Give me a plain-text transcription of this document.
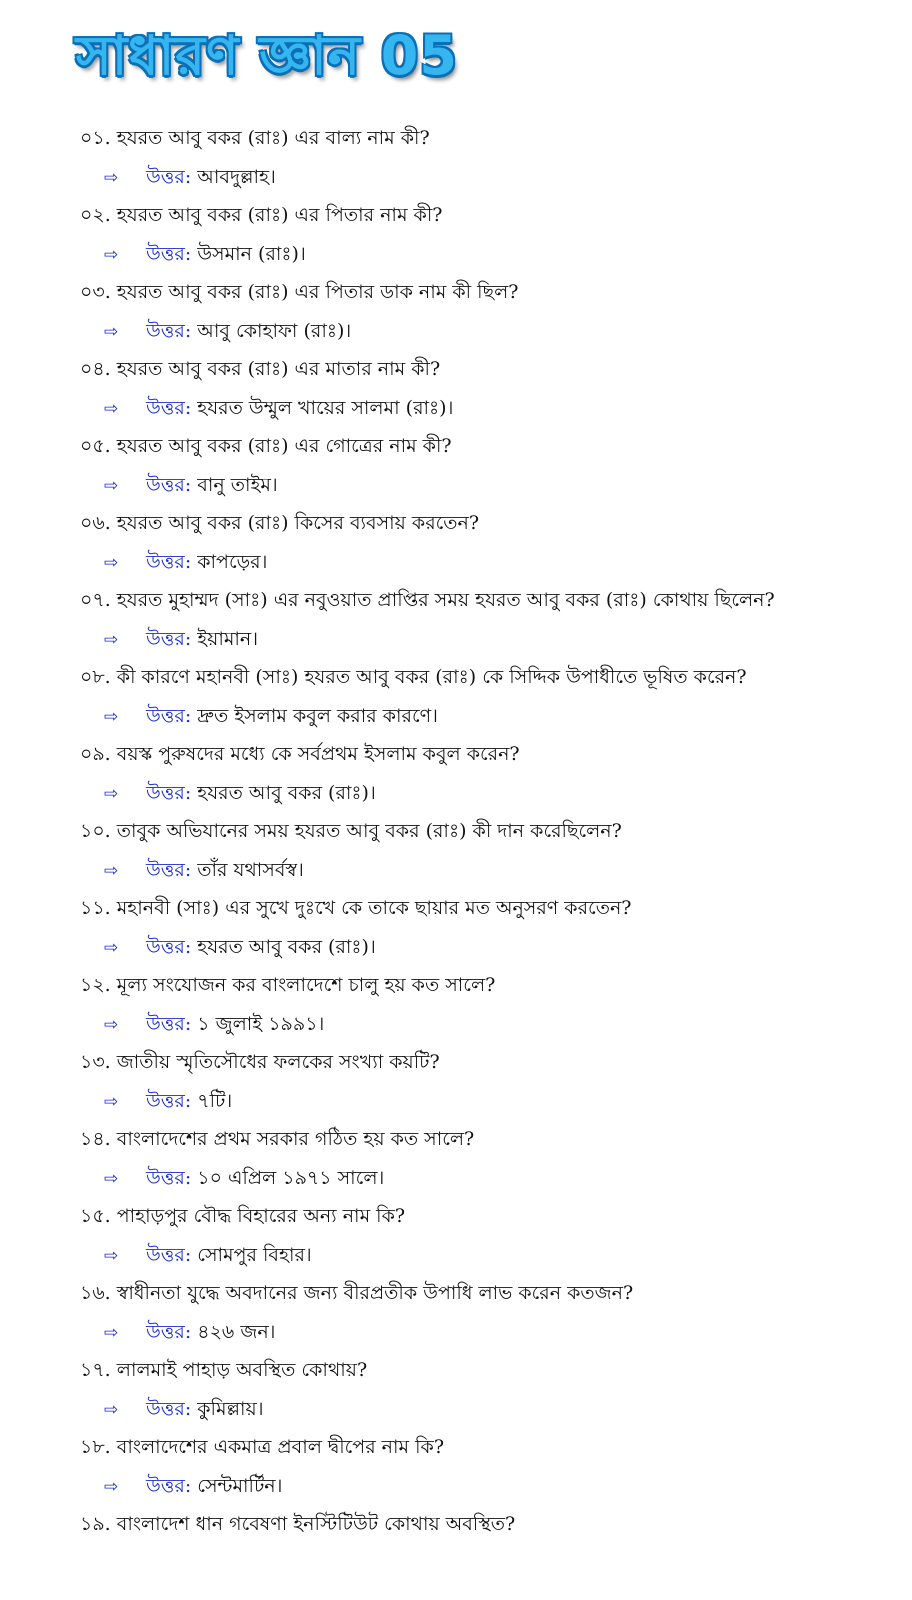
সাধারণ জ্ঞান 05
০১. হযরত আবু বকর (রাঃ) এর বাল্য নাম কী?
⇨ উত্তর: আবদুল্লাহ।
০২. হযরত আবু বকর (রাঃ) এর পিতার নাম কী?
⇨ উত্তর: উসমান (রাঃ)।
০৩. হযরত আবু বকর (রাঃ) এর পিতার ডাক নাম কী ছিল?
⇨ উত্তর: আবু কোহাফা (রাঃ)।
০৪. হযরত আবু বকর (রাঃ) এর মাতার নাম কী?
⇨ উত্তর: হযরত উম্মুল খায়ের সালমা (রাঃ)।
০৫. হযরত আবু বকর (রাঃ) এর গোত্রের নাম কী?
⇨ উত্তর: বানু তাইম।
০৬. হযরত আবু বকর (রাঃ) কিসের ব্যবসায় করতেন?
⇨ উত্তর: কাপড়ের।
০৭. হযরত মুহাম্মদ (সাঃ) এর নবুওয়াত প্রাপ্তির সময় হযরত আবু বকর (রাঃ) কোথায় ছিলেন?
⇨ উত্তর: ইয়ামান।
০৮. কী কারণে মহানবী (সাঃ) হযরত আবু বকর (রাঃ) কে সিদ্দিক উপাধীতে ভূষিত করেন?
⇨ উত্তর: দ্রুত ইসলাম কবুল করার কারণে।
০৯. বয়স্ক পুরুষদের মধ্যে কে সর্বপ্রথম ইসলাম কবুল করেন?
⇨ উত্তর: হযরত আবু বকর (রাঃ)।
১০. তাবুক অভিযানের সময় হযরত আবু বকর (রাঃ) কী দান করেছিলেন?
⇨ উত্তর: তাঁর যথাসর্বস্ব।
১১. মহানবী (সাঃ) এর সুখে দুঃখে কে তাকে ছায়ার মত অনুসরণ করতেন?
⇨ উত্তর: হযরত আবু বকর (রাঃ)।
১২. মূল্য সংযোজন কর বাংলাদেশে চালু হয় কত সালে?
⇨ উত্তর: ১ জুলাই ১৯৯১।
১৩. জাতীয় স্মৃতিসৌধের ফলকের সংখ্যা কয়টি?
⇨ উত্তর: ৭টি।
১৪. বাংলাদেশের প্রথম সরকার গঠিত হয় কত সালে?
⇨ উত্তর: ১০ এপ্রিল ১৯৭১ সালে।
১৫. পাহাড়পুর বৌদ্ধ বিহারের অন্য নাম কি?
⇨ উত্তর: সোমপুর বিহার।
১৬. স্বাধীনতা যুদ্ধে অবদানের জন্য বীরপ্রতীক উপাধি লাভ করেন কতজন?
⇨ উত্তর: ৪২৬ জন।
১৭. লালমাই পাহাড় অবস্থিত কোথায়?
⇨ উত্তর: কুমিল্লায়।
১৮. বাংলাদেশের একমাত্র প্রবাল দ্বীপের নাম কি?
⇨ উত্তর: সেন্টমার্টিন।
১৯. বাংলাদেশ ধান গবেষণা ইনস্টিটিউট কোথায় অবস্থিত?
